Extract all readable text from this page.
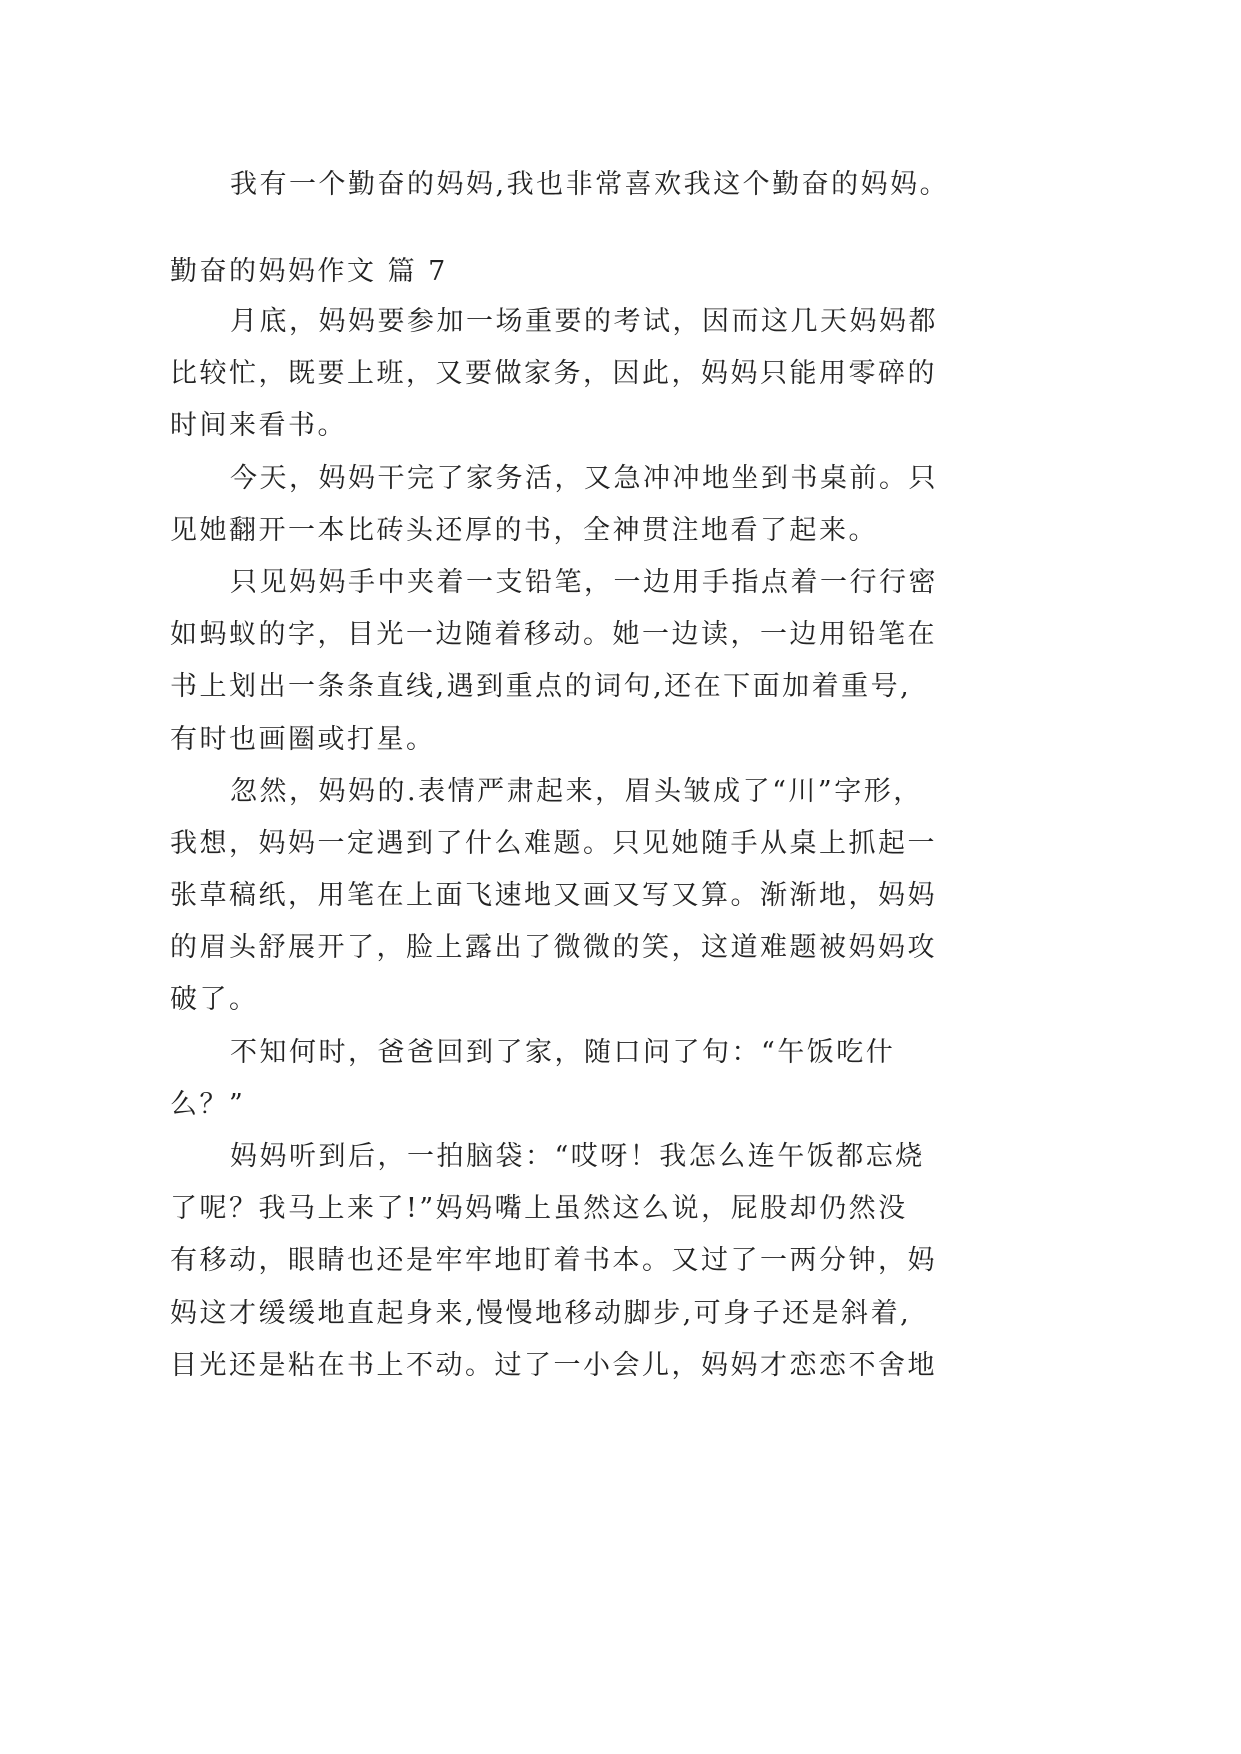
我有一个勤奋的妈妈,我也非常喜欢我这个勤奋的妈妈。

勤奋的妈妈作文 篇 7
月底，妈妈要参加一场重要的考试，因而这几天妈妈都
比较忙，既要上班，又要做家务，因此，妈妈只能用零碎的
时间来看书。
今天，妈妈干完了家务活，又急冲冲地坐到书桌前。只
见她翻开一本比砖头还厚的书，全神贯注地看了起来。
只见妈妈手中夹着一支铅笔，一边用手指点着一行行密
如蚂蚁的字，目光一边随着移动。她一边读，一边用铅笔在
书上划出一条条直线,遇到重点的词句,还在下面加着重号,
有时也画圈或打星。
忽然，妈妈的.表情严肃起来，眉头皱成了“川”字形，
我想，妈妈一定遇到了什么难题。只见她随手从桌上抓起一
张草稿纸，用笔在上面飞速地又画又写又算。渐渐地，妈妈
的眉头舒展开了，脸上露出了微微的笑，这道难题被妈妈攻
破了。
不知何时，爸爸回到了家，随口问了句：“午饭吃什
么？”
妈妈听到后，一拍脑袋：“哎呀！我怎么连午饭都忘烧
了呢？我马上来了!”妈妈嘴上虽然这么说，屁股却仍然没
有移动，眼睛也还是牢牢地盯着书本。又过了一两分钟，妈
妈这才缓缓地直起身来,慢慢地移动脚步,可身子还是斜着,
目光还是粘在书上不动。过了一小会儿，妈妈才恋恋不舍地
